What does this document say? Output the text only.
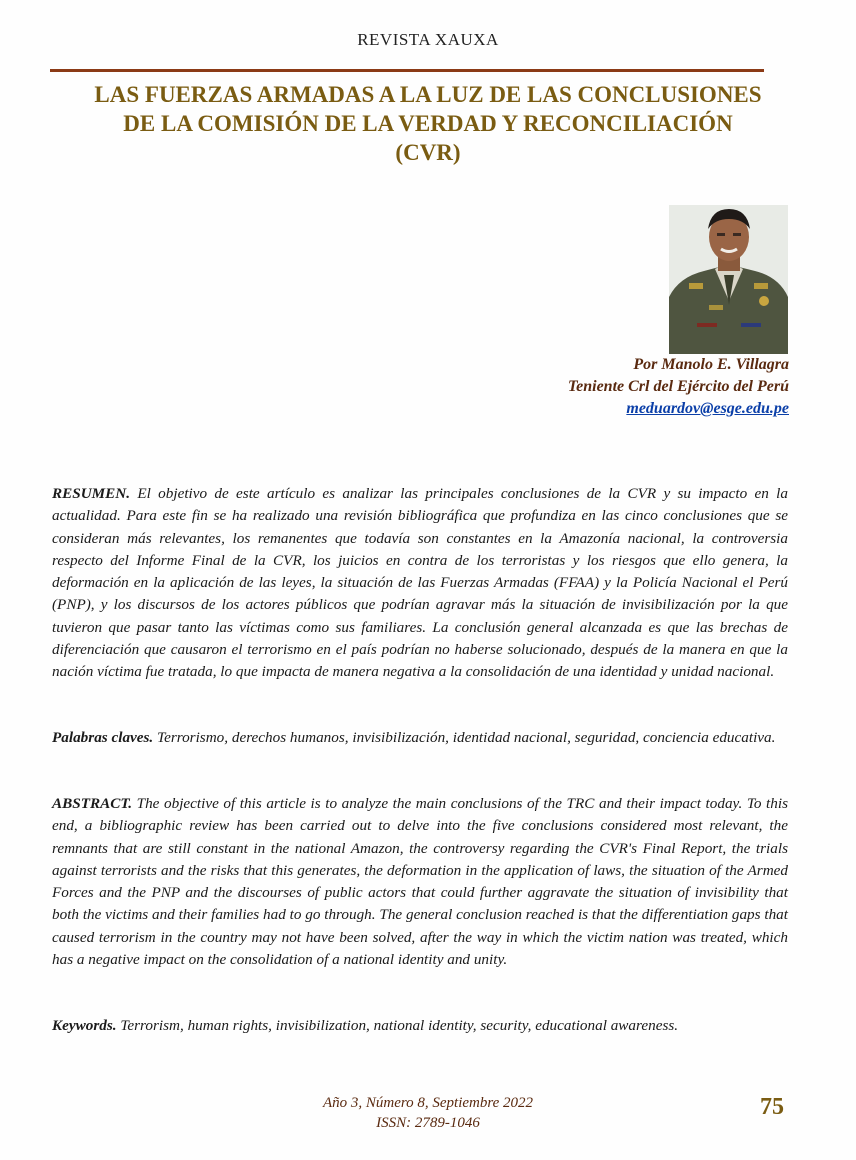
REVISTA XAUXA
LAS FUERZAS ARMADAS A LA LUZ DE LAS CONCLUSIONES
DE LA COMISIÓN DE LA VERDAD Y RECONCILIACIÓN
(CVR)
Por Manolo E. Villagra
Teniente Crl del Ejército del Perú
meduardov@esge.edu.pe
RESUMEN. El objetivo de este artículo es analizar las principales conclusiones de la CVR y su impacto en la actualidad. Para este fin se ha realizado una revisión bibliográfica que profundiza en las cinco conclusiones que se consideran más relevantes, los remanentes que todavía son constantes en la Amazonía nacional, la controversia respecto del Informe Final de la CVR, los juicios en contra de los terroristas y los riesgos que ello genera, la deformación en la aplicación de las leyes, la situación de las Fuerzas Armadas (FFAA) y la Policía Nacional el Perú (PNP), y los discursos de los actores públicos que podrían agravar más la situación de invisibilización por la que tuvieron que pasar tanto las víctimas como sus familiares. La conclusión general alcanzada es que las brechas de diferenciación que causaron el terrorismo en el país podrían no haberse solucionado, después de la manera en que la nación víctima fue tratada, lo que impacta de manera negativa a la consolidación de una identidad y unidad nacional.
Palabras claves. Terrorismo, derechos humanos, invisibilización, identidad nacional, seguridad, conciencia educativa.
ABSTRACT. The objective of this article is to analyze the main conclusions of the TRC and their impact today. To this end, a bibliographic review has been carried out to delve into the five conclusions considered most relevant, the remnants that are still constant in the national Amazon, the controversy regarding the CVR's Final Report, the trials against terrorists and the risks that this generates, the deformation in the application of laws, the situation of the Armed Forces and the PNP and the discourses of public actors that could further aggravate the situation of invisibility that both the victims and their families had to go through. The general conclusion reached is that the differentiation gaps that caused terrorism in the country may not have been solved, after the way in which the victim nation was treated, which has a negative impact on the consolidation of a national identity and unity.
Keywords. Terrorism, human rights, invisibilization, national identity, security, educational awareness.
Año 3, Número 8, Septiembre 2022
ISSN: 2789-1046
75
